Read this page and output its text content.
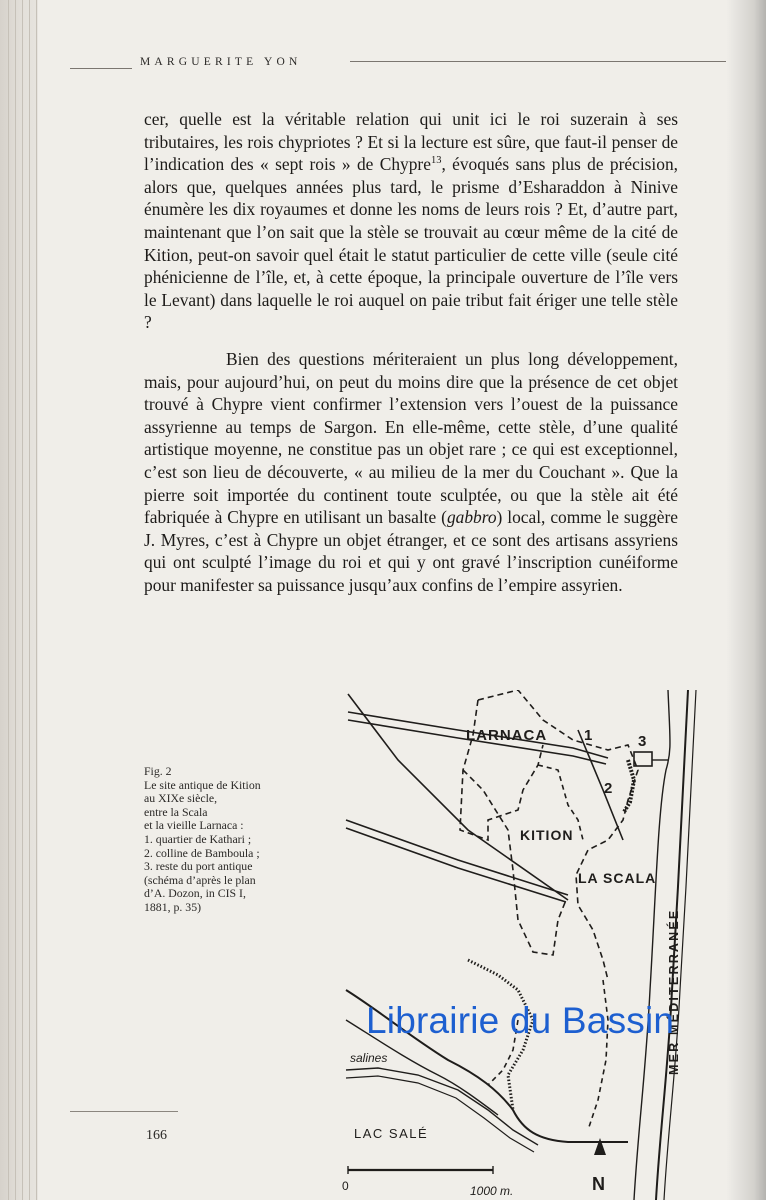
MARGUERITE YON

cer, quelle est la véritable relation qui unit ici le roi suzerain à ses tributaires, les rois chypriotes ? Et si la lecture est sûre, que faut-il penser de l’indication des « sept rois » de Chypre$^{13}$, évoqués sans plus de précision, alors que, quelques années plus tard, le prisme d’Esharaddon à Ninive énumère les dix royaumes et donne les noms de leurs rois ? Et, d’autre part, maintenant que l’on sait que la stèle se trouvait au cœur même de la cité de Kition, peut-on savoir quel était le statut particulier de cette ville (seule cité phénicienne de l’île, et, à cette époque, la principale ouverture de l’île vers le Levant) dans laquelle le roi auquel on paie tribut fait ériger une telle stèle ?

Bien des questions mériteraient un plus long développement, mais, pour aujourd’hui, on peut du moins dire que la présence de cet objet trouvé à Chypre vient confirmer l’extension vers l’ouest de la puissance assyrienne au temps de Sargon. En elle-même, cette stèle, d’une qualité artistique moyenne, ne constitue pas un objet rare ; ce qui est exceptionnel, c’est son lieu de découverte, « au milieu de la mer du Couchant ». Que la pierre soit importée du continent toute sculptée, ou que la stèle ait été fabriquée à Chypre en utilisant un basalte (gabbro) local, comme le suggère J. Myres, c’est à Chypre un objet étranger, et ce sont des artisans assyriens qui ont sculpté l’image du roi et qui y ont gravé l’inscription cunéiforme pour manifester sa puissance jusqu’aux confins de l’empire assyrien.

Fig. 2
Le site antique de Kition
au XIXe siècle,
entre la Scala
et la vieille Larnaca :
1. quartier de Kathari ;
2. colline de Bamboula ;
3. reste du port antique
(schéma d’après le plan
d’A. Dozon, in CIS I,
1881, p. 35)
LARNACA
KITION
LA SCALA
1
2
3
MER MÉDITERRANÉE
salines
LAC SALÉ
0	1000 m.	N
Librairie du Bassin
166
